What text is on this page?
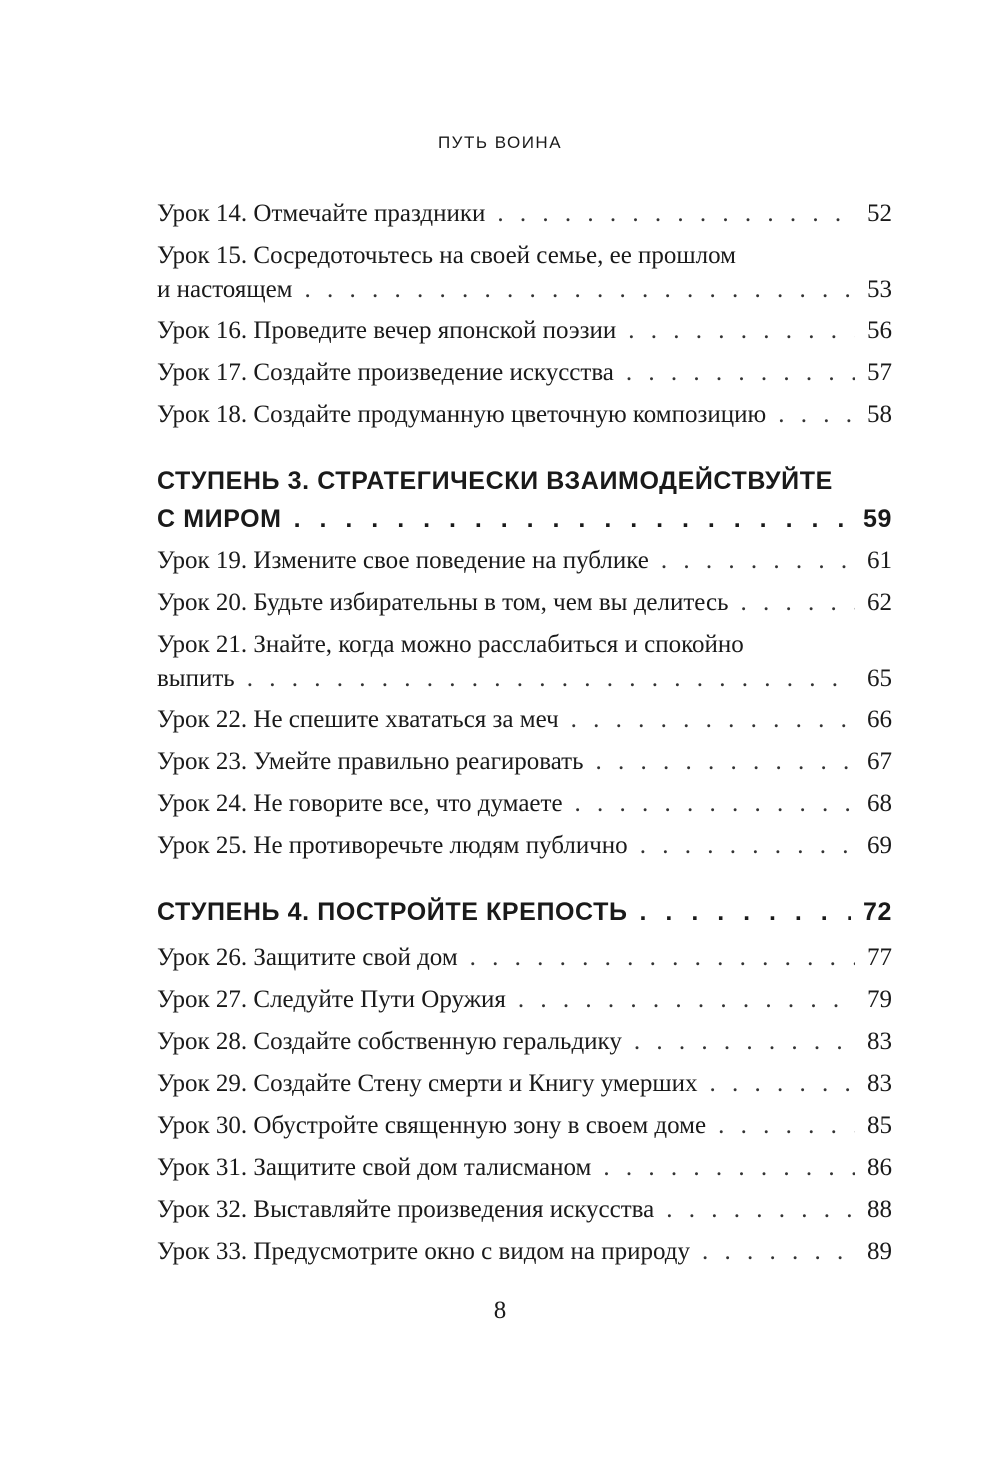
ПУТЬ ВОИНА
Урок 14. Отмечайте праздники . . .	52
Урок 15. Сосредоточьтесь на своей семье, ее прошлом
и настоящем . . .	53
Урок 16. Проведите вечер японской поэзии . . .	56
Урок 17. Создайте произведение искусства . . .	57
Урок 18. Создайте продуманную цветочную композицию . . .	58
СТУПЕНЬ 3. СТРАТЕГИЧЕСКИ ВЗАИМОДЕЙСТВУЙТЕ
С МИРОМ . . .	59
Урок 19. Измените свое поведение на публике . . .	61
Урок 20. Будьте избирательны в том, чем вы делитесь . . .	62
Урок 21. Знайте, когда можно расслабиться и спокойно
выпить . . .	65
Урок 22. Не спешите хвататься за меч . . .	66
Урок 23. Умейте правильно реагировать . . .	67
Урок 24. Не говорите все, что думаете . . .	68
Урок 25. Не противоречьте людям публично . . .	69
СТУПЕНЬ 4. ПОСТРОЙТЕ КРЕПОСТЬ . . .	72
Урок 26. Защитите свой дом . . .	77
Урок 27. Следуйте Пути Оружия . . .	79
Урок 28. Создайте собственную геральдику . . .	83
Урок 29. Создайте Стену смерти и Книгу умерших . . .	83
Урок 30. Обустройте священную зону в своем доме . . .	85
Урок 31. Защитите свой дом талисманом . . .	86
Урок 32. Выставляйте произведения искусства . . .	88
Урок 33. Предусмотрите окно с видом на природу . . .	89
8
